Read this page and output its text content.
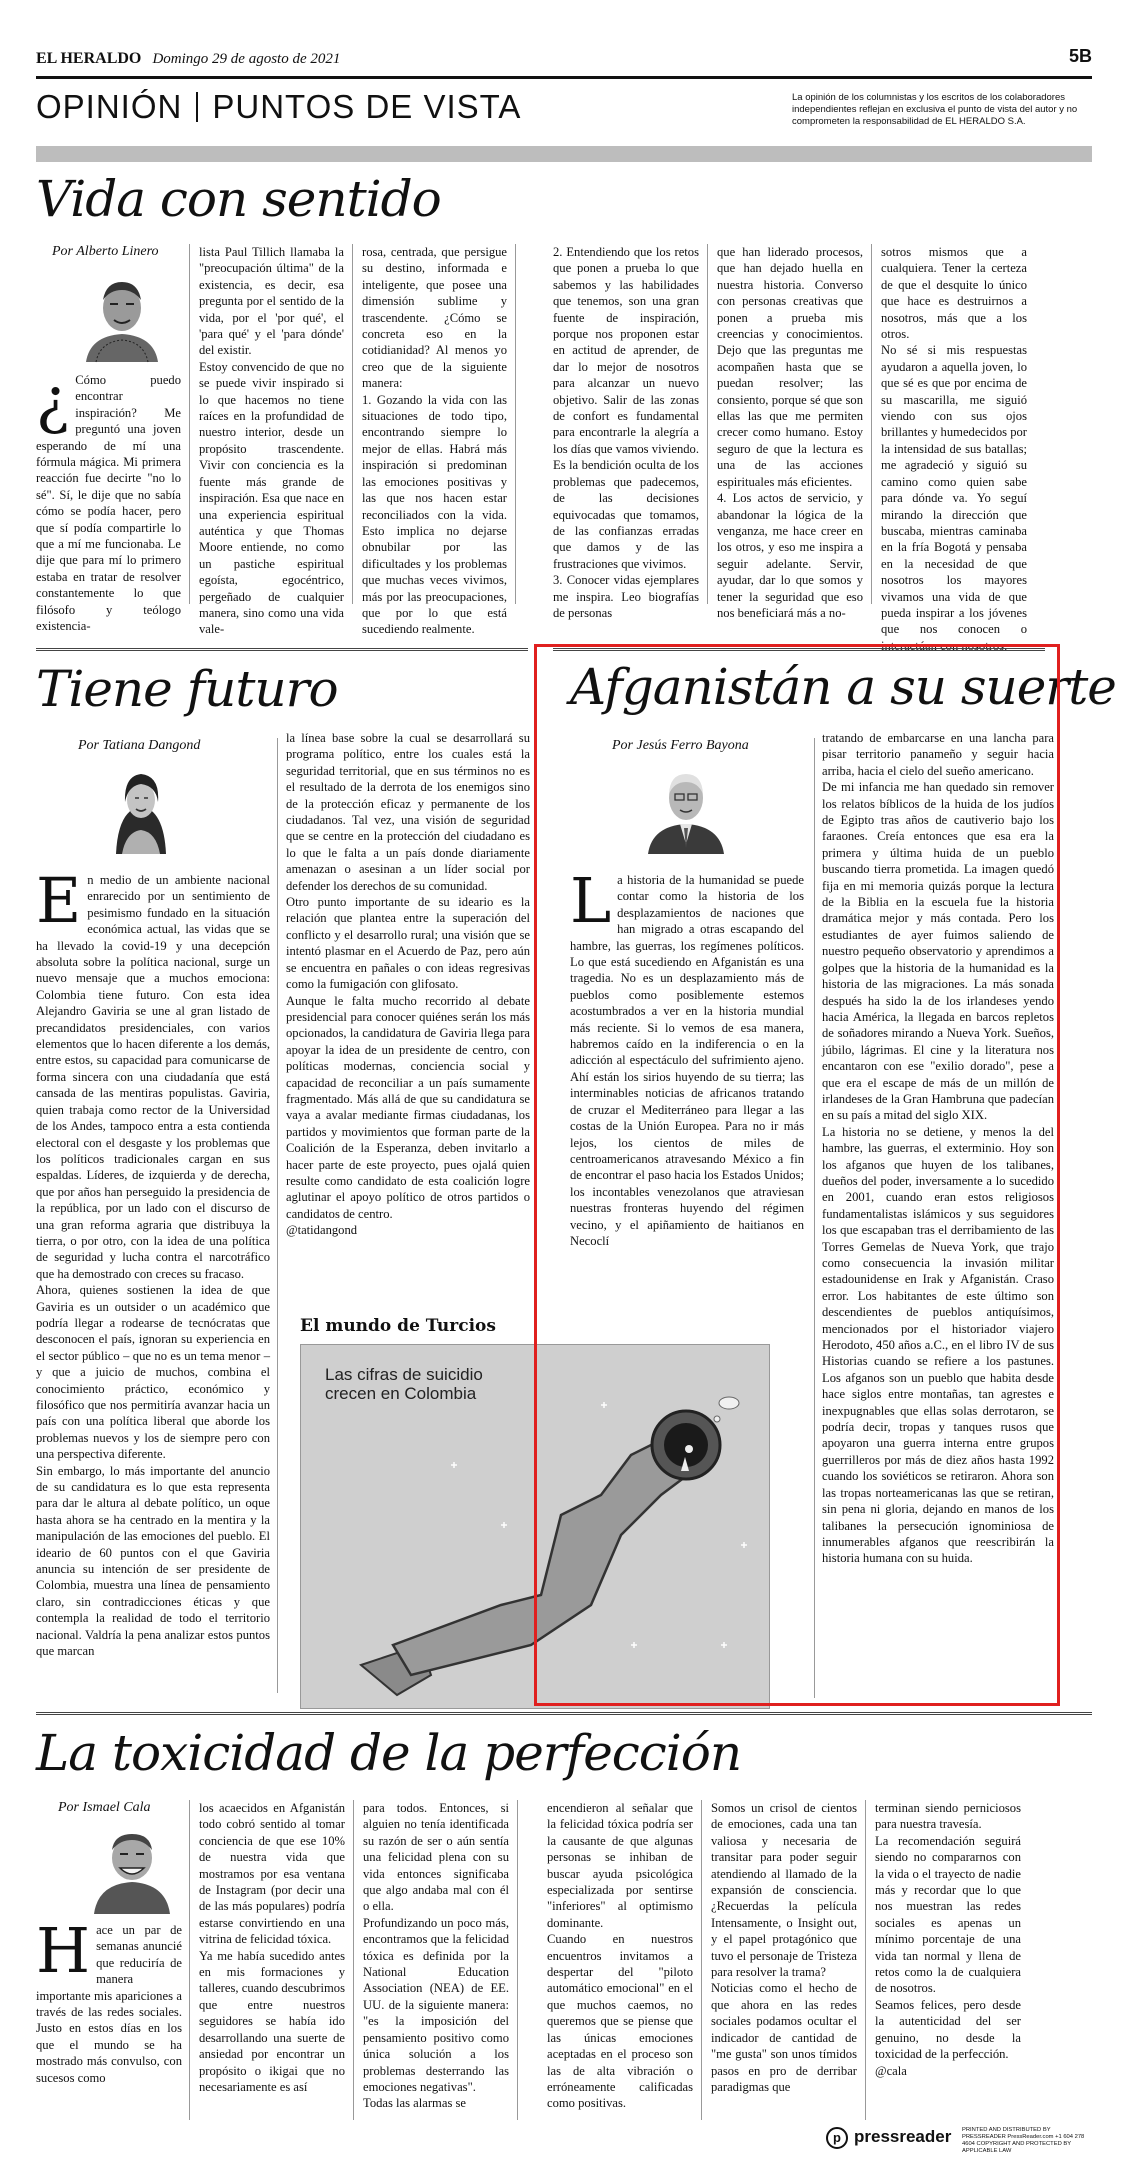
EL HERALDO Domingo 29 de agosto de 2021	5B
OPINIÓN PUNTOS DE VISTA	La opinión de los columnistas y los escritos de los colaboradores independientes reflejan en exclusiva el punto de vista del autor y no comprometen la responsabilidad de EL HERALDO S.A.
Vida con sentido
Por Alberto Linero
¿ Cómo puedo encontrar inspiración? Me preguntó una joven esperando de mí una fórmula mágica. Mi primera reacción fue decirte "no lo sé". Sí, le dije que no sabía cómo se podía hacer, pero que sí podía compartirle lo que a mí me funcionaba. Le dije que para mí lo primero estaba en tratar de resolver constantemente lo que filósofo y teólogo existencia-
lista Paul Tillich llamaba la "preocupación última" de la existencia, es decir, esa pregunta por el sentido de la vida, por el 'por qué', el 'para qué' y el 'para dónde' del existir.
Estoy convencido de que no se puede vivir inspirado si lo que hacemos no tiene raíces en la profundidad de nuestro interior, desde un propósito trascendente. Vivir con conciencia es la fuente más grande de inspiración. Esa que nace en una experiencia espiritual auténtica y que Thomas Moore entiende, no como un pastiche espiritual egoísta, egocéntrico, pergeñado de cualquier manera, sino como una vida vale-
rosa, centrada, que persigue su destino, informada e inteligente, que posee una dimensión sublime y trascendente. ¿Cómo se concreta eso en la cotidianidad? Al menos yo creo que de la siguiente manera:
1. Gozando la vida con las situaciones de todo tipo, encontrando siempre lo mejor de ellas. Habrá más inspiración si predominan las emociones positivas y las que nos hacen estar reconciliados con la vida. Esto implica no dejarse obnubilar por las dificultades y los problemas que muchas veces vivimos, más por las preocupaciones, que por lo que está sucediendo realmente.
2. Entendiendo que los retos que ponen a prueba lo que sabemos y las habilidades que tenemos, son una gran fuente de inspiración, porque nos proponen estar en actitud de aprender, de dar lo mejor de nosotros para alcanzar un nuevo objetivo. Salir de las zonas de confort es fundamental para encontrarle la alegría a los días que vamos viviendo. Es la bendición oculta de los problemas que padecemos, de las decisiones equivocadas que tomamos, de las confianzas erradas que damos y de las frustraciones que vivimos.
3. Conocer vidas ejemplares me inspira. Leo biografías de personas
que han liderado procesos, que han dejado huella en nuestra historia. Converso con personas creativas que ponen a prueba mis creencias y conocimientos. Dejo que las preguntas me acompañen hasta que se puedan resolver; las consiento, porque sé que son ellas las que me permiten crecer como humano. Estoy seguro de que la lectura es una de las acciones espirituales más eficientes.
4. Los actos de servicio, y abandonar la lógica de la venganza, me hace creer en los otros, y eso me inspira a seguir adelante. Servir, ayudar, dar lo que somos y tener la seguridad que eso nos beneficiará más a no-
sotros mismos que a cualquiera. Tener la certeza de que el desquite lo único que hace es destruirnos a nosotros, más que a los otros.
No sé si mis respuestas ayudaron a aquella joven, lo que sé es que por encima de su mascarilla, me siguió viendo con sus ojos brillantes y humedecidos por la intensidad de sus batallas; me agradeció y siguió su camino como quien sabe para dónde va. Yo seguí mirando la dirección que buscaba, mientras caminaba en la fría Bogotá y pensaba en la necesidad de que nosotros los mayores vivamos una vida de que pueda inspirar a los jóvenes que nos conocen o interactúan con nosotros.
Tiene futuro
Por Tatiana Dangond
E n medio de un ambiente nacional enrarecido por un sentimiento de pesimismo fundado en la situación económica actual, las vidas que se ha llevado la covid-19 y una decepción absoluta sobre la política nacional, surge un nuevo mensaje que a muchos emociona: Colombia tiene futuro. Con esta idea Alejandro Gaviria se une al gran listado de precandidatos presidenciales, con varios elementos que lo hacen diferente a los demás, entre estos, su capacidad para comunicarse de forma sincera con una ciudadanía que está cansada de las mentiras populistas. Gaviria, quien trabaja como rector de la Universidad de los Andes, tampoco entra a esta contienda electoral con el desgaste y los problemas que los políticos tradicionales cargan en sus espaldas. Líderes, de izquierda y de derecha, que por años han perseguido la presidencia de la república, por un lado con el discurso de una gran reforma agraria que distribuya la tierra, o por otro, con la idea de una política de seguridad y lucha contra el narcotráfico que ha demostrado con creces su fracaso.
Ahora, quienes sostienen la idea de que Gaviria es un outsider o un académico que podría llegar a rodearse de tecnócratas que desconocen el país, ignoran su experiencia en el sector público – que no es un tema menor – y que a juicio de muchos, combina el conocimiento práctico, económico y filosófico que nos permitiría avanzar hacia un país con una política liberal que aborde los problemas nuevos y los de siempre pero con una perspectiva diferente.
Sin embargo, lo más importante del anuncio de su candidatura es lo que esta representa para dar le altura al debate político, un oque hasta ahora se ha centrado en la mentira y la manipulación de las emociones del pueblo. El ideario de 60 puntos con el que Gaviria anuncia su intención de ser presidente de Colombia, muestra una línea de pensamiento claro, sin contradicciones éticas y que contempla la realidad de todo el territorio nacional. Valdría la pena analizar estos puntos que marcan
la línea base sobre la cual se desarrollará su programa político, entre los cuales está la seguridad territorial, que en sus términos no es el resultado de la derrota de los enemigos sino de la protección eficaz y permanente de los ciudadanos. Tal vez, una visión de seguridad que se centre en la protección del ciudadano es lo que le falta a un país donde diariamente amenazan o asesinan a un líder social por defender los derechos de su comunidad.
Otro punto importante de su ideario es la relación que plantea entre la superación del conflicto y el desarrollo rural; una visión que se intentó plasmar en el Acuerdo de Paz, pero aún se encuentra en pañales o con ideas regresivas como la fumigación con glifosato.
Aunque le falta mucho recorrido al debate presidencial para conocer quiénes serán los más opcionados, la candidatura de Gaviria llega para apoyar la idea de un presidente de centro, con políticas modernas, conciencia social y capacidad de reconciliar a un país sumamente fragmentado. Más allá de que su candidatura se vaya a avalar mediante firmas ciudadanas, los partidos y movimientos que forman parte de la Coalición de la Esperanza, deben invitarlo a hacer parte de este proyecto, pues ojalá quien resulte como candidato de esta coalición logre aglutinar el apoyo político de otros partidos o candidatos de centro.
@tatidangond
El mundo de Turcios
Las cifras de suicidio
crecen en Colombia
Afganistán a su suerte
Por Jesús Ferro Bayona
L a historia de la humanidad se puede contar como la historia de los desplazamientos de naciones que han migrado a otras escapando del hambre, las guerras, los regímenes políticos. Lo que está sucediendo en Afganistán es una tragedia. No es un desplazamiento más de pueblos como posiblemente estemos acostumbrados a ver en la historia mundial más reciente. Si lo vemos de esa manera, habremos caído en la indiferencia o en la adicción al espectáculo del sufrimiento ajeno. Ahí están los sirios huyendo de su tierra; las interminables noticias de africanos tratando de cruzar el Mediterráneo para llegar a las costas de la Unión Europea. Para no ir más lejos, los cientos de miles de centroamericanos atravesando México a fin de encontrar el paso hacia los Estados Unidos; los incontables venezolanos que atraviesan nuestras fronteras huyendo del régimen vecino, y el apiñamiento de haitianos en Necoclí
tratando de embarcarse en una lancha para pisar territorio panameño y seguir hacia arriba, hacia el cielo del sueño americano.
De mi infancia me han quedado sin remover los relatos bíblicos de la huida de los judíos de Egipto tras años de cautiverio bajo los faraones. Creía entonces que esa era la primera y última huida de un pueblo buscando tierra prometida. La imagen quedó fija en mi memoria quizás porque la lectura de la Biblia en la escuela fue la historia dramática mejor y más contada. Pero los estudiantes de ayer fuimos saliendo de nuestro pequeño observatorio y aprendimos a golpes que la historia de la humanidad es la historia de las migraciones. La más sonada después ha sido la de los irlandeses yendo hacia América, la llegada en barcos repletos de soñadores mirando a Nueva York. Sueños, júbilo, lágrimas. El cine y la literatura nos encantaron con ese "exilio dorado", pese a que era el escape de más de un millón de irlandeses de la Gran Hambruna que padecían en su país a mitad del siglo XIX.
La historia no se detiene, y menos la del hambre, las guerras, el exterminio. Hoy son los afganos que huyen de los talibanes, dueños del poder, inversamente a lo sucedido en 2001, cuando eran estos religiosos fundamentalistas islámicos y sus seguidores los que escapaban tras el derribamiento de las Torres Gemelas de Nueva York, que trajo como consecuencia la invasión militar estadounidense en Irak y Afganistán. Craso error. Los habitantes de este último son descendientes de pueblos antiquísimos, mencionados por el historiador viajero Herodoto, 450 años a.C., en el libro IV de sus Historias cuando se refiere a los pastunes. Los afganos son un pueblo que habita desde hace siglos entre montañas, tan agrestes e inexpugnables que ellas solas derrotaron, se podría decir, tropas y tanques rusos que apoyaron una guerra interna entre grupos guerrilleros por más de diez años hasta 1992 cuando los soviéticos se retiraron. Ahora son las tropas norteamericanas las que se retiran, sin pena ni gloria, dejando en manos de los talibanes la persecución ignominiosa de innumerables afganos que reescribirán la historia humana con su huida.
La toxicidad de la perfección
Por Ismael Cala
H ace un par de semanas anuncié que reduciría de manera importante mis apariciones a través de las redes sociales. Justo en estos días en los que el mundo se ha mostrado más convulso, con sucesos como
los acaecidos en Afganistán todo cobró sentido al tomar conciencia de que ese 10% de nuestra vida que mostramos por esa ventana de Instagram (por decir una de las más populares) podría estarse convirtiendo en una vitrina de felicidad tóxica.
Ya me había sucedido antes en mis formaciones y talleres, cuando descubrimos que entre nuestros seguidores se había ido desarrollando una suerte de ansiedad por encontrar un propósito o ikigai que no necesariamente es así
para todos. Entonces, si alguien no tenía identificada su razón de ser o aún sentía una felicidad plena con su vida entonces significaba que algo andaba mal con él o ella.
Profundizando un poco más, encontramos que la felicidad tóxica es definida por la National Education Association (NEA) de EE. UU. de la siguiente manera: "es la imposición del pensamiento positivo como única solución a los problemas desterrando las emociones negativas".
Todas las alarmas se
encendieron al señalar que la felicidad tóxica podría ser la causante de que algunas personas se inhiban de buscar ayuda psicológica especializada por sentirse "inferiores" al optimismo dominante.
Cuando en nuestros encuentros invitamos a despertar del "piloto automático emocional" en el que muchos caemos, no queremos que se piense que las únicas emociones aceptadas en el proceso son las de alta vibración o erróneamente calificadas como positivas.
Somos un crisol de cientos de emociones, cada una tan valiosa y necesaria de transitar para poder seguir atendiendo al llamado de la expansión de consciencia. ¿Recuerdas la película Intensamente, o Insight out, y el papel protagónico que tuvo el personaje de Tristeza para resolver la trama?
Noticias como el hecho de que ahora en las redes sociales podamos ocultar el indicador de cantidad de "me gusta" son unos tímidos pasos en pro de derribar paradigmas que
terminan siendo perniciosos para nuestra travesía.
La recomendación seguirá siendo no compararnos con la vida o el trayecto de nadie más y recordar que lo que nos muestran las redes sociales es apenas un mínimo porcentaje de una vida tan normal y llena de retos como la de cualquiera de nosotros.
Seamos felices, pero desde la autenticidad del ser genuino, no desde la toxicidad de la perfección.
@cala
p pressreader PRINTED AND DISTRIBUTED BY PRESSREADER PressReader.com +1 604 278 4604 COPYRIGHT AND PROTECTED BY APPLICABLE LAW
